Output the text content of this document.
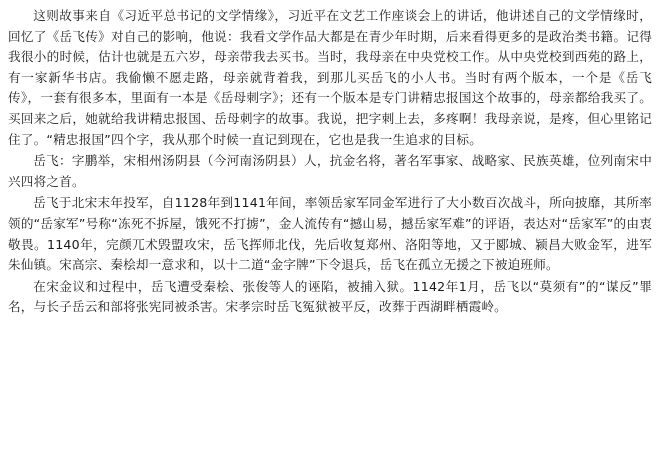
这则故事来自《习近平总书记的文学情缘》，习近平在文艺工作座谈会上的讲话，他讲述自己的文学情缘时，回忆了《岳飞传》对自己的影响，他说：我看文学作品大都是在青少年时期，后来看得更多的是政治类书籍。记得我很小的时候，估计也就是五六岁，母亲带我去买书。当时，我母亲在中央党校工作。从中央党校到西苑的路上，有一家新华书店。我偷懒不愿走路，母亲就背着我，到那儿买岳飞的小人书。当时有两个版本，一个是《岳飞传》，一套有很多本，里面有一本是《岳母刺字》；还有一个版本是专门讲精忠报国这个故事的，母亲都给我买了。买回来之后，她就给我讲精忠报国、岳母刺字的故事。我说，把字刺上去，多疼啊！我母亲说，是疼，但心里铭记住了。“精忠报国”四个字，我从那个时候一直记到现在，它也是我一生追求的目标。

岳飞：字鹏举，宋相州汤阴县（今河南汤阴县）人，抗金名将，著名军事家、战略家、民族英雄，位列南宋中兴四将之首。

岳飞于北宋末年投军，自1128年到1141年间，率领岳家军同金军进行了大小数百次战斗，所向披靡，其所率领的“岳家军”号称“冻死不拆屋，饿死不打掳”，金人流传有“撼山易，撼岳家军难”的评语，表达对“岳家军”的由衷敬畏。1140年，完颜兀术毁盟攻宋，岳飞挥师北伐，先后收复郑州、洛阳等地，又于郾城、颍昌大败金军，进军朱仙镇。宋高宗、秦桧却一意求和，以十二道“金字牌”下令退兵，岳飞在孤立无援之下被迫班师。

在宋金议和过程中，岳飞遭受秦桧、张俊等人的诬陷，被捕入狱。1142年1月，岳飞以“莫须有”的“谋反”罪名，与长子岳云和部将张宪同被杀害。宋孝宗时岳飞冤狱被平反，改葬于西湖畔栖霞岭。
